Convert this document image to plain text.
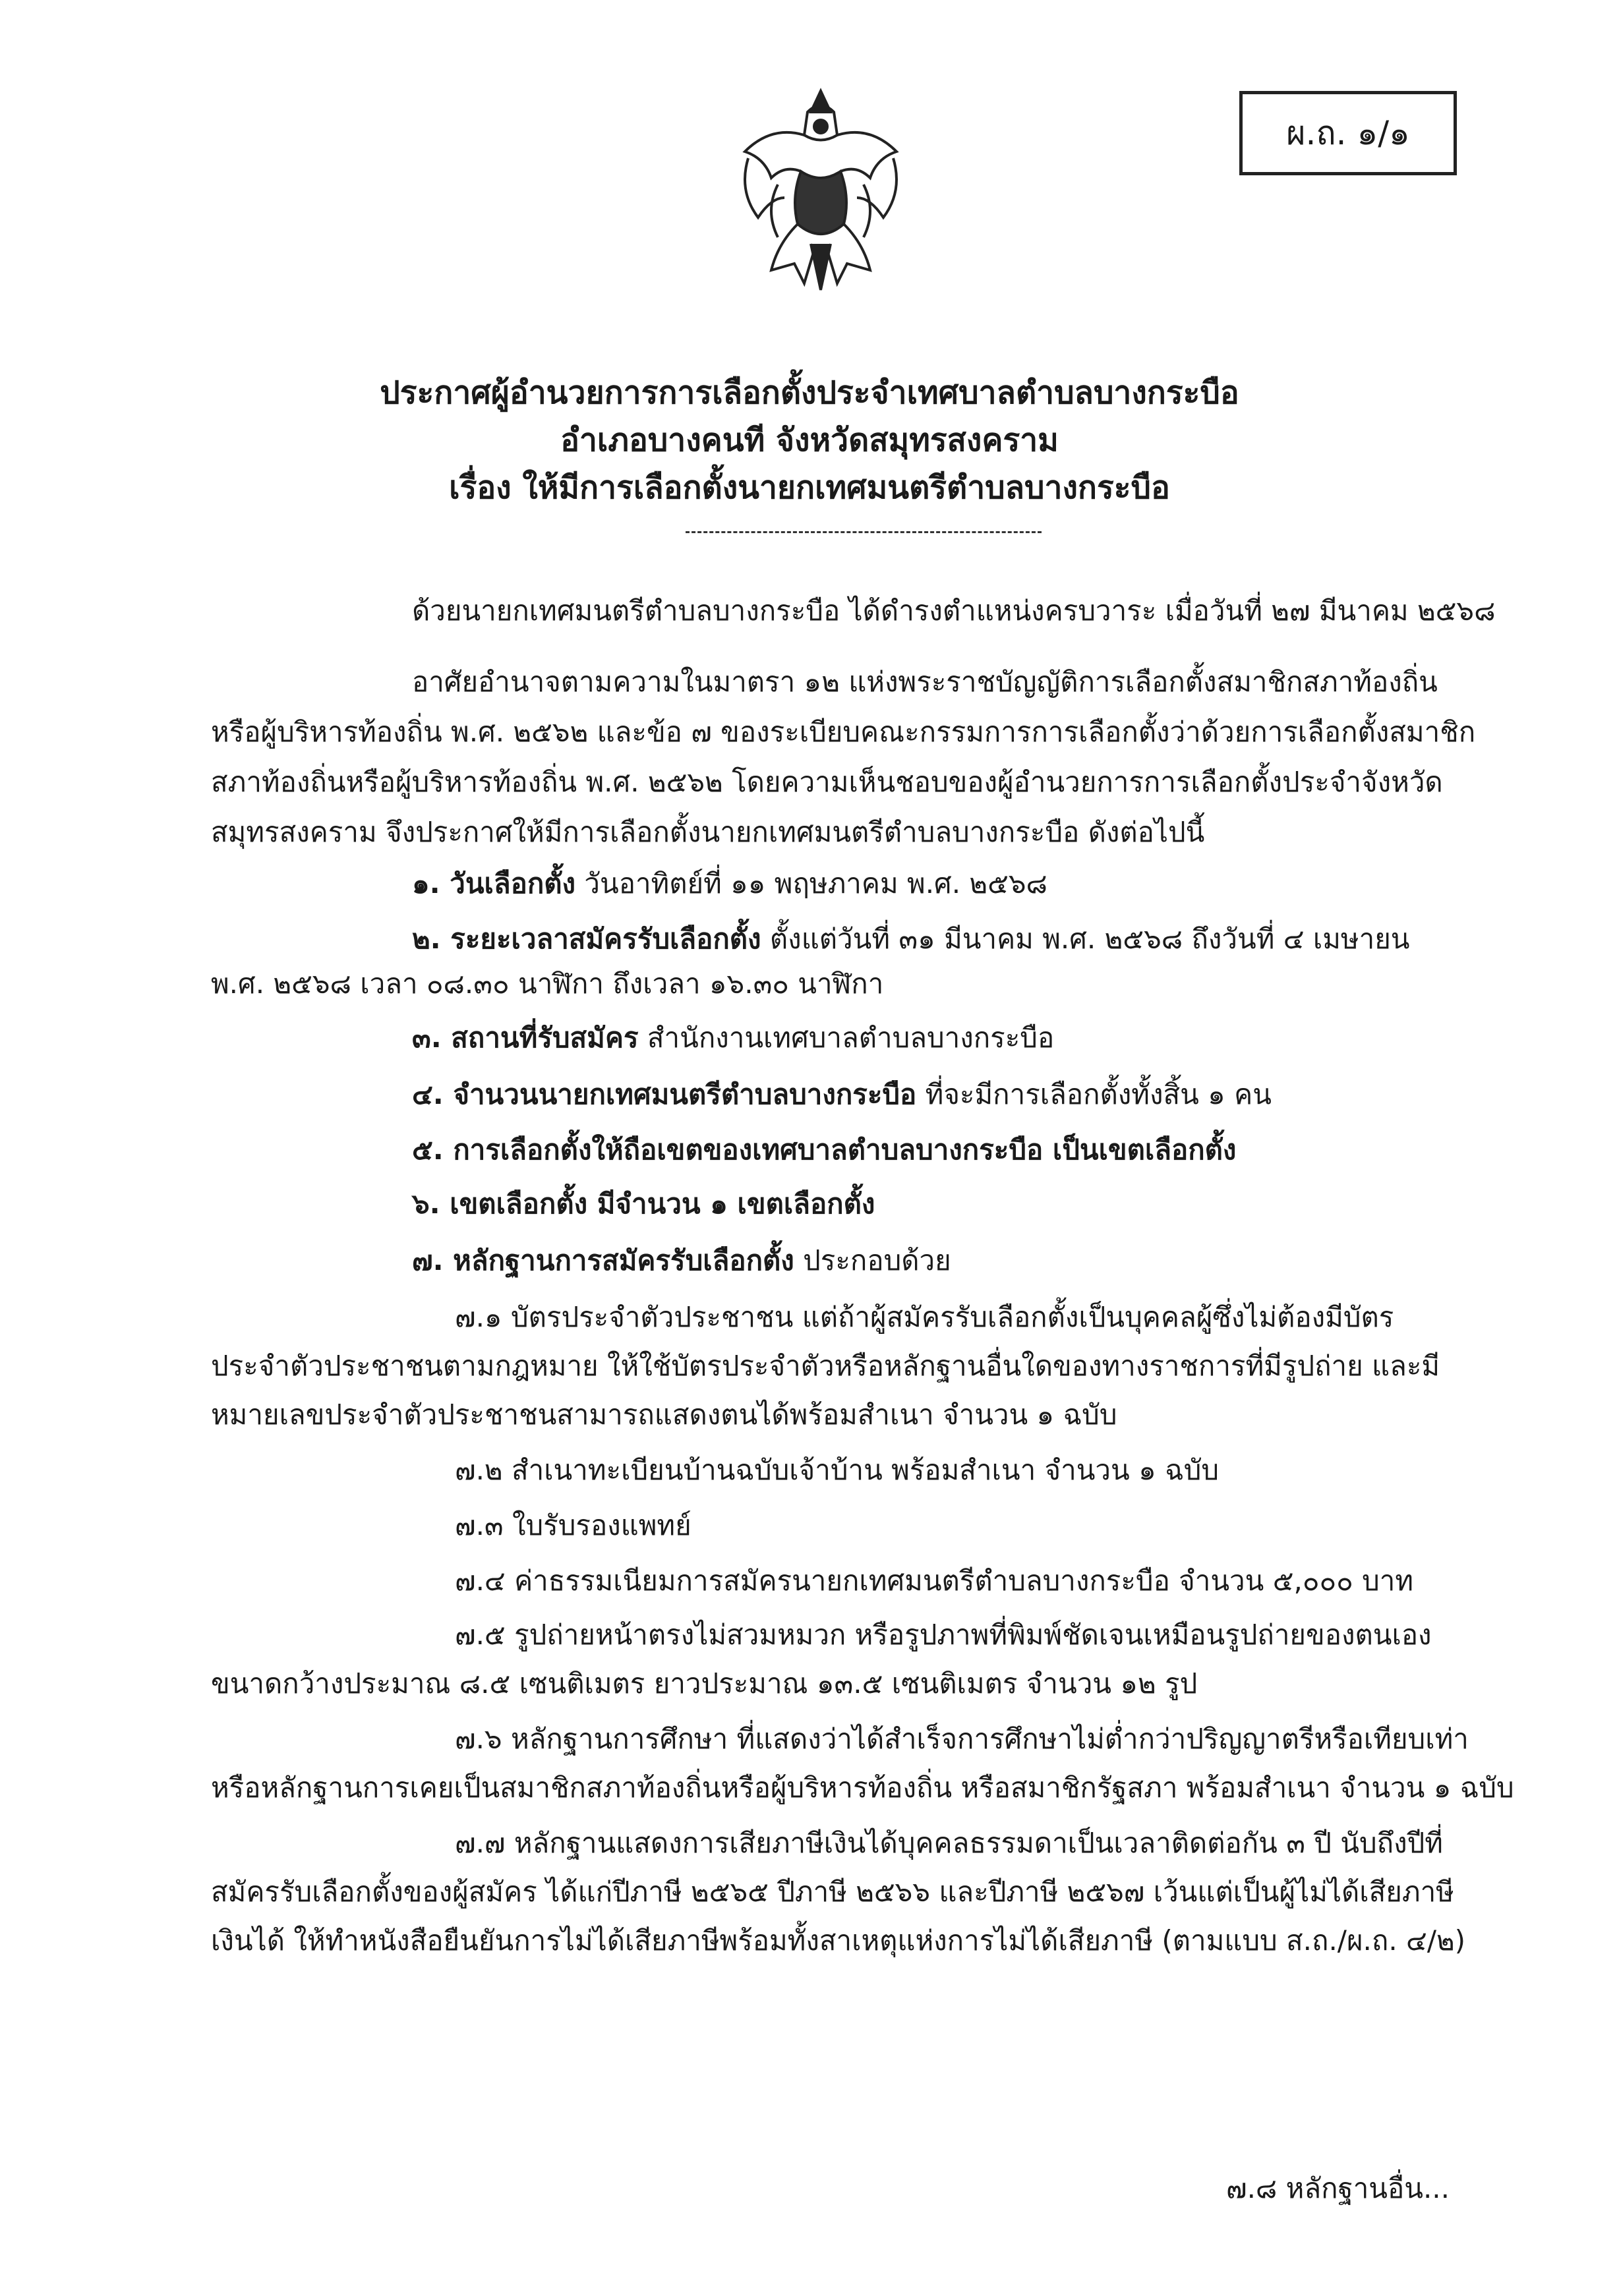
ผ.ถ. ๑/๑
ประกาศผู้อำนวยการการเลือกตั้งประจำเทศบาลตำบลบางกระบือ
อำเภอบางคนที จังหวัดสมุทรสงคราม
เรื่อง ให้มีการเลือกตั้งนายกเทศมนตรีตำบลบางกระบือ
ด้วยนายกเทศมนตรีตำบลบางกระบือ ได้ดำรงตำแหน่งครบวาระ เมื่อวันที่ ๒๗ มีนาคม ๒๕๖๘
อาศัยอำนาจตามความในมาตรา ๑๒ แห่งพระราชบัญญัติการเลือกตั้งสมาชิกสภาท้องถิ่น
หรือผู้บริหารท้องถิ่น พ.ศ. ๒๕๖๒ และข้อ ๗ ของระเบียบคณะกรรมการการเลือกตั้งว่าด้วยการเลือกตั้งสมาชิก
สภาท้องถิ่นหรือผู้บริหารท้องถิ่น พ.ศ. ๒๕๖๒ โดยความเห็นชอบของผู้อำนวยการการเลือกตั้งประจำจังหวัด
สมุทรสงคราม จึงประกาศให้มีการเลือกตั้งนายกเทศมนตรีตำบลบางกระบือ ดังต่อไปนี้
๑. วันเลือกตั้ง วันอาทิตย์ที่ ๑๑ พฤษภาคม พ.ศ. ๒๕๖๘
๒. ระยะเวลาสมัครรับเลือกตั้ง ตั้งแต่วันที่ ๓๑ มีนาคม พ.ศ. ๒๕๖๘ ถึงวันที่ ๔ เมษายน
พ.ศ. ๒๕๖๘ เวลา ๐๘.๓๐ นาฬิกา ถึงเวลา ๑๖.๓๐ นาฬิกา
๓. สถานที่รับสมัคร สำนักงานเทศบาลตำบลบางกระบือ
๔. จำนวนนายกเทศมนตรีตำบลบางกระบือ ที่จะมีการเลือกตั้งทั้งสิ้น ๑ คน
๕. การเลือกตั้งให้ถือเขตของเทศบาลตำบลบางกระบือ เป็นเขตเลือกตั้ง
๖. เขตเลือกตั้ง มีจำนวน ๑ เขตเลือกตั้ง
๗. หลักฐานการสมัครรับเลือกตั้ง ประกอบด้วย
๗.๑ บัตรประจำตัวประชาชน แต่ถ้าผู้สมัครรับเลือกตั้งเป็นบุคคลผู้ซึ่งไม่ต้องมีบัตร
ประจำตัวประชาชนตามกฎหมาย ให้ใช้บัตรประจำตัวหรือหลักฐานอื่นใดของทางราชการที่มีรูปถ่าย และมี
หมายเลขประจำตัวประชาชนสามารถแสดงตนได้พร้อมสำเนา จำนวน ๑ ฉบับ
๗.๒ สำเนาทะเบียนบ้านฉบับเจ้าบ้าน พร้อมสำเนา จำนวน ๑ ฉบับ
๗.๓ ใบรับรองแพทย์
๗.๔ ค่าธรรมเนียมการสมัครนายกเทศมนตรีตำบลบางกระบือ จำนวน ๕,๐๐๐ บาท
๗.๕ รูปถ่ายหน้าตรงไม่สวมหมวก หรือรูปภาพที่พิมพ์ชัดเจนเหมือนรูปถ่ายของตนเอง
ขนาดกว้างประมาณ ๘.๕ เซนติเมตร ยาวประมาณ ๑๓.๕ เซนติเมตร จำนวน ๑๒ รูป
๗.๖ หลักฐานการศึกษา ที่แสดงว่าได้สำเร็จการศึกษาไม่ต่ำกว่าปริญญาตรีหรือเทียบเท่า
หรือหลักฐานการเคยเป็นสมาชิกสภาท้องถิ่นหรือผู้บริหารท้องถิ่น หรือสมาชิกรัฐสภา พร้อมสำเนา จำนวน ๑ ฉบับ
๗.๗ หลักฐานแสดงการเสียภาษีเงินได้บุคคลธรรมดาเป็นเวลาติดต่อกัน ๓ ปี นับถึงปีที่
สมัครรับเลือกตั้งของผู้สมัคร ได้แก่ปีภาษี ๒๕๖๕ ปีภาษี ๒๕๖๖ และปีภาษี ๒๕๖๗ เว้นแต่เป็นผู้ไม่ได้เสียภาษี
เงินได้ ให้ทำหนังสือยืนยันการไม่ได้เสียภาษีพร้อมทั้งสาเหตุแห่งการไม่ได้เสียภาษี (ตามแบบ ส.ถ./ผ.ถ. ๔/๒)
๗.๘ หลักฐานอื่น...
